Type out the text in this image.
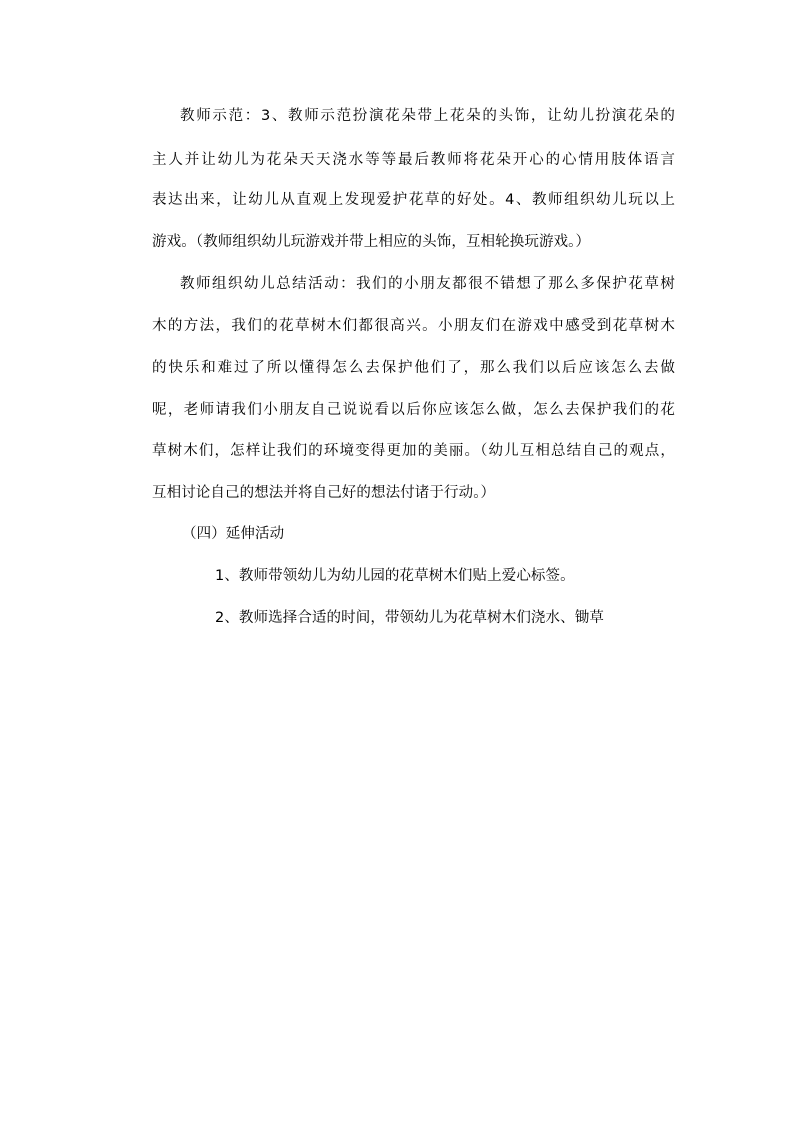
教师示范：3、教师示范扮演花朵带上花朵的头饰，让幼儿扮演花朵的
主人并让幼儿为花朵天天浇水等等最后教师将花朵开心的心情用肢体语言
表达出来，让幼儿从直观上发现爱护花草的好处。4、教师组织幼儿玩以上
游戏。（教师组织幼儿玩游戏并带上相应的头饰，互相轮换玩游戏。）
教师组织幼儿总结活动：我们的小朋友都很不错想了那么多保护花草树
木的方法，我们的花草树木们都很高兴。小朋友们在游戏中感受到花草树木
的快乐和难过了所以懂得怎么去保护他们了，那么我们以后应该怎么去做
呢，老师请我们小朋友自己说说看以后你应该怎么做，怎么去保护我们的花
草树木们，怎样让我们的环境变得更加的美丽。（幼儿互相总结自己的观点，
互相讨论自己的想法并将自己好的想法付诸于行动。）
（四）延伸活动
1、教师带领幼儿为幼儿园的花草树木们贴上爱心标签。
2、教师选择合适的时间，带领幼儿为花草树木们浇水、锄草
